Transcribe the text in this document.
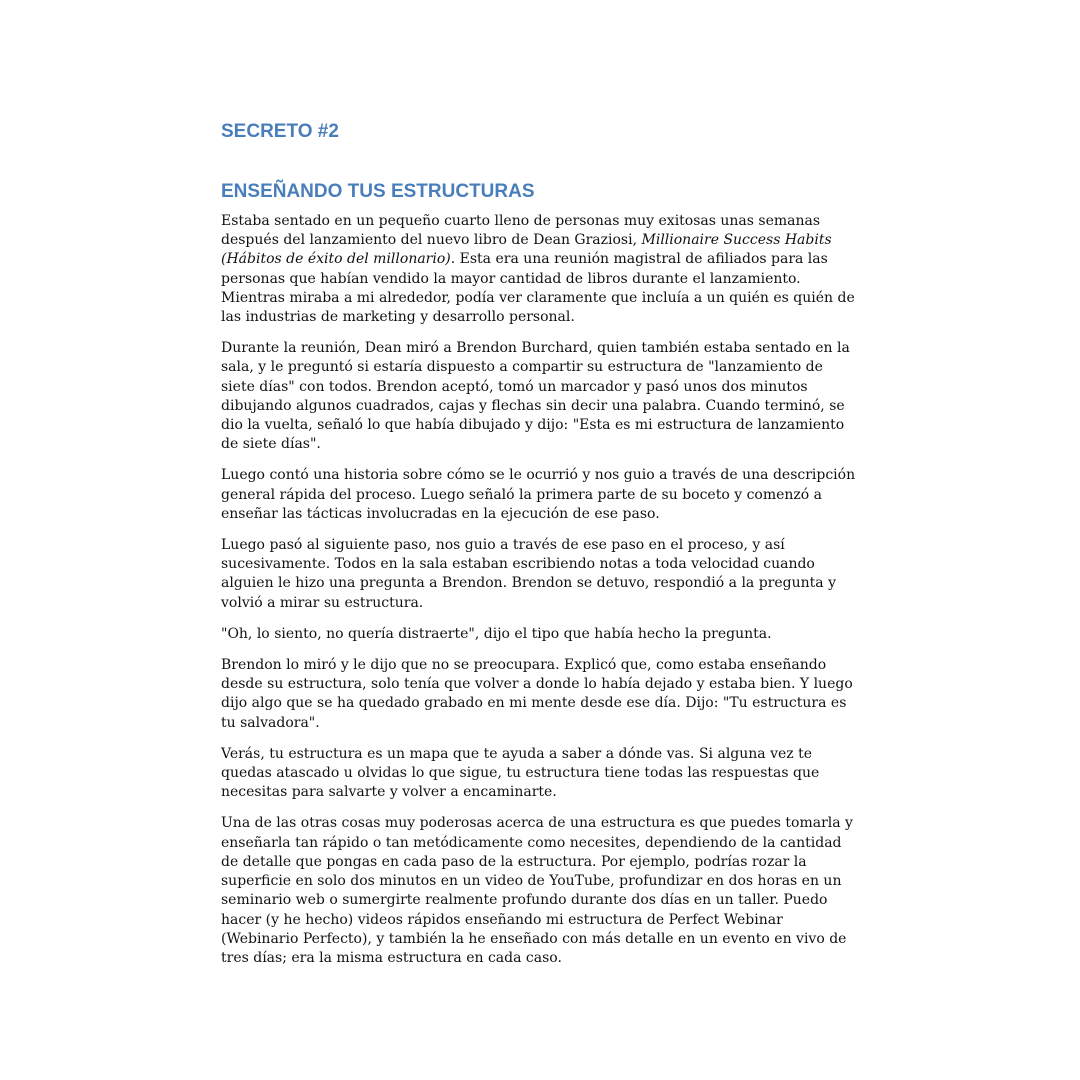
SECRETO #2
ENSEÑANDO TUS ESTRUCTURAS

Estaba sentado en un pequeño cuarto lleno de personas muy exitosas unas semanas después del lanzamiento del nuevo libro de Dean Graziosi, Millionaire Success Habits (Hábitos de éxito del millonario). Esta era una reunión magistral de afiliados para las personas que habían vendido la mayor cantidad de libros durante el lanzamiento. Mientras miraba a mi alrededor, podía ver claramente que incluía a un quién es quién de las industrias de marketing y desarrollo personal.

Durante la reunión, Dean miró a Brendon Burchard, quien también estaba sentado en la sala, y le preguntó si estaría dispuesto a compartir su estructura de "lanzamiento de siete días" con todos. Brendon aceptó, tomó un marcador y pasó unos dos minutos dibujando algunos cuadrados, cajas y flechas sin decir una palabra. Cuando terminó, se dio la vuelta, señaló lo que había dibujado y dijo: "Esta es mi estructura de lanzamiento de siete días".

Luego contó una historia sobre cómo se le ocurrió y nos guio a través de una descripción general rápida del proceso. Luego señaló la primera parte de su boceto y comenzó a enseñar las tácticas involucradas en la ejecución de ese paso.

Luego pasó al siguiente paso, nos guio a través de ese paso en el proceso, y así sucesivamente. Todos en la sala estaban escribiendo notas a toda velocidad cuando alguien le hizo una pregunta a Brendon. Brendon se detuvo, respondió a la pregunta y volvió a mirar su estructura.

"Oh, lo siento, no quería distraerte", dijo el tipo que había hecho la pregunta.

Brendon lo miró y le dijo que no se preocupara. Explicó que, como estaba enseñando desde su estructura, solo tenía que volver a donde lo había dejado y estaba bien. Y luego dijo algo que se ha quedado grabado en mi mente desde ese día. Dijo: "Tu estructura es tu salvadora".

Verás, tu estructura es un mapa que te ayuda a saber a dónde vas. Si alguna vez te quedas atascado u olvidas lo que sigue, tu estructura tiene todas las respuestas que necesitas para salvarte y volver a encaminarte.

Una de las otras cosas muy poderosas acerca de una estructura es que puedes tomarla y enseñarla tan rápido o tan metódicamente como necesites, dependiendo de la cantidad de detalle que pongas en cada paso de la estructura. Por ejemplo, podrías rozar la superficie en solo dos minutos en un video de YouTube, profundizar en dos horas en un seminario web o sumergirte realmente profundo durante dos días en un taller. Puedo hacer (y he hecho) videos rápidos enseñando mi estructura de Perfect Webinar (Webinario Perfecto), y también la he enseñado con más detalle en un evento en vivo de tres días; era la misma estructura en cada caso.
